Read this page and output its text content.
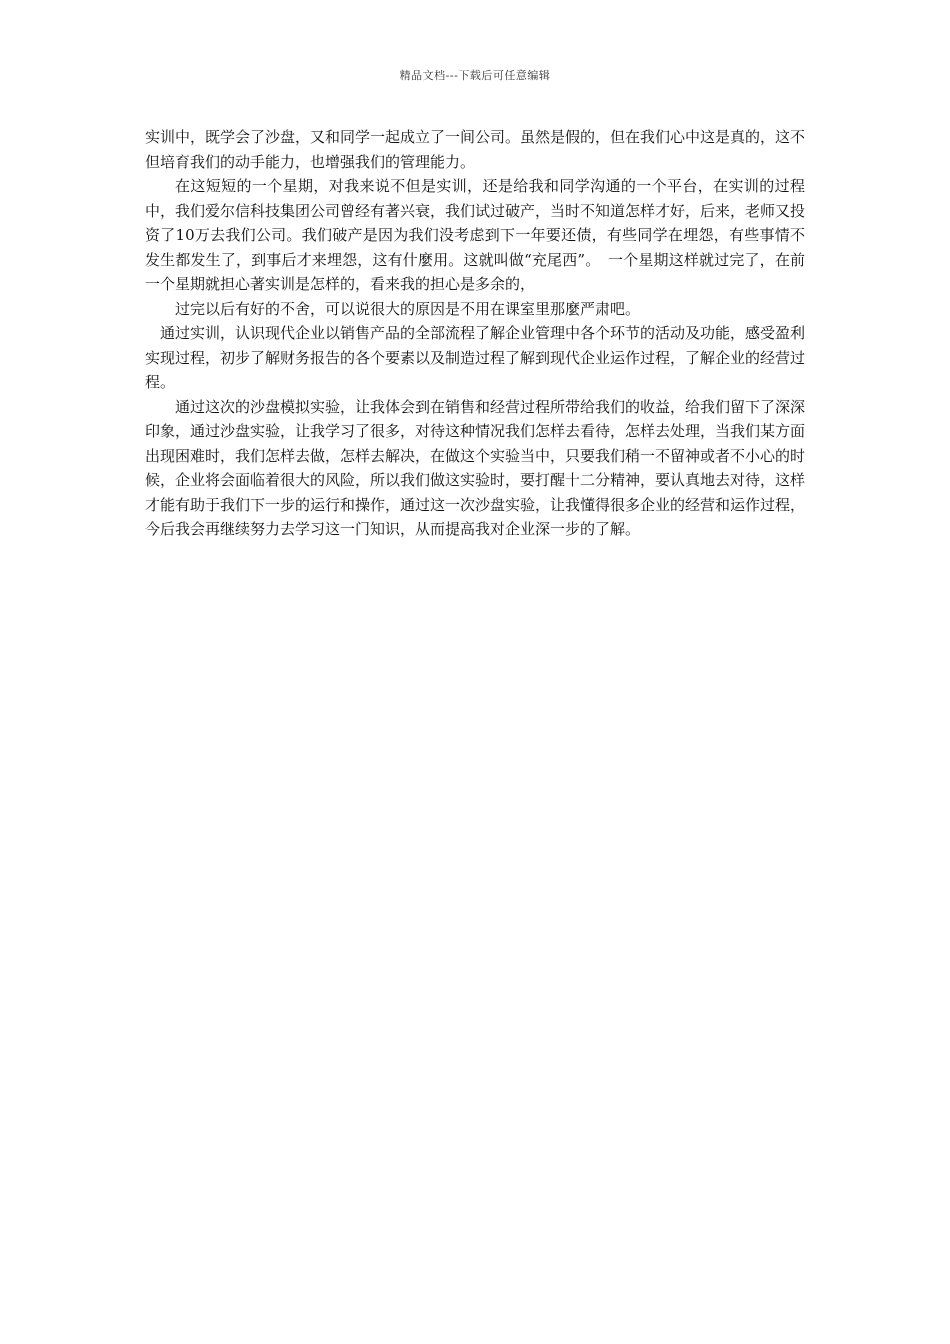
精品文档---下载后可任意编辑

实训中，既学会了沙盘，又和同学一起成立了一间公司。虽然是假的，但在我们心中这是真的，这不但培育我们的动手能力，也增强我们的管理能力。

在这短短的一个星期，对我来说不但是实训，还是给我和同学沟通的一个平台，在实训的过程中，我们爱尔信科技集团公司曾经有著兴衰，我们试过破产，当时不知道怎样才好，后来，老师又投资了10万去我们公司。我们破产是因为我们没考虑到下一年要还债，有些同学在埋怨，有些事情不发生都发生了，到事后才来埋怨，这有什麼用。这就叫做“充尾西”。　一个星期这样就过完了，在前一个星期就担心著实训是怎样的，看来我的担心是多余的，

过完以后有好的不舍，可以说很大的原因是不用在课室里那麼严肃吧。

通过实训，认识现代企业以销售产品的全部流程了解企业管理中各个环节的活动及功能，感受盈利实现过程，初步了解财务报告的各个要素以及制造过程了解到现代企业运作过程，了解企业的经营过程。

通过这次的沙盘模拟实验，让我体会到在销售和经营过程所带给我们的收益，给我们留下了深深印象，通过沙盘实验，让我学习了很多，对待这种情况我们怎样去看待，怎样去处理，当我们某方面出现困难时，我们怎样去做，怎样去解决，在做这个实验当中，只要我们稍一不留神或者不小心的时候，企业将会面临着很大的风险，所以我们做这实验时，要打醒十二分精神，要认真地去对待，这样才能有助于我们下一步的运行和操作，通过这一次沙盘实验，让我懂得很多企业的经营和运作过程，今后我会再继续努力去学习这一门知识，从而提高我对企业深一步的了解。
